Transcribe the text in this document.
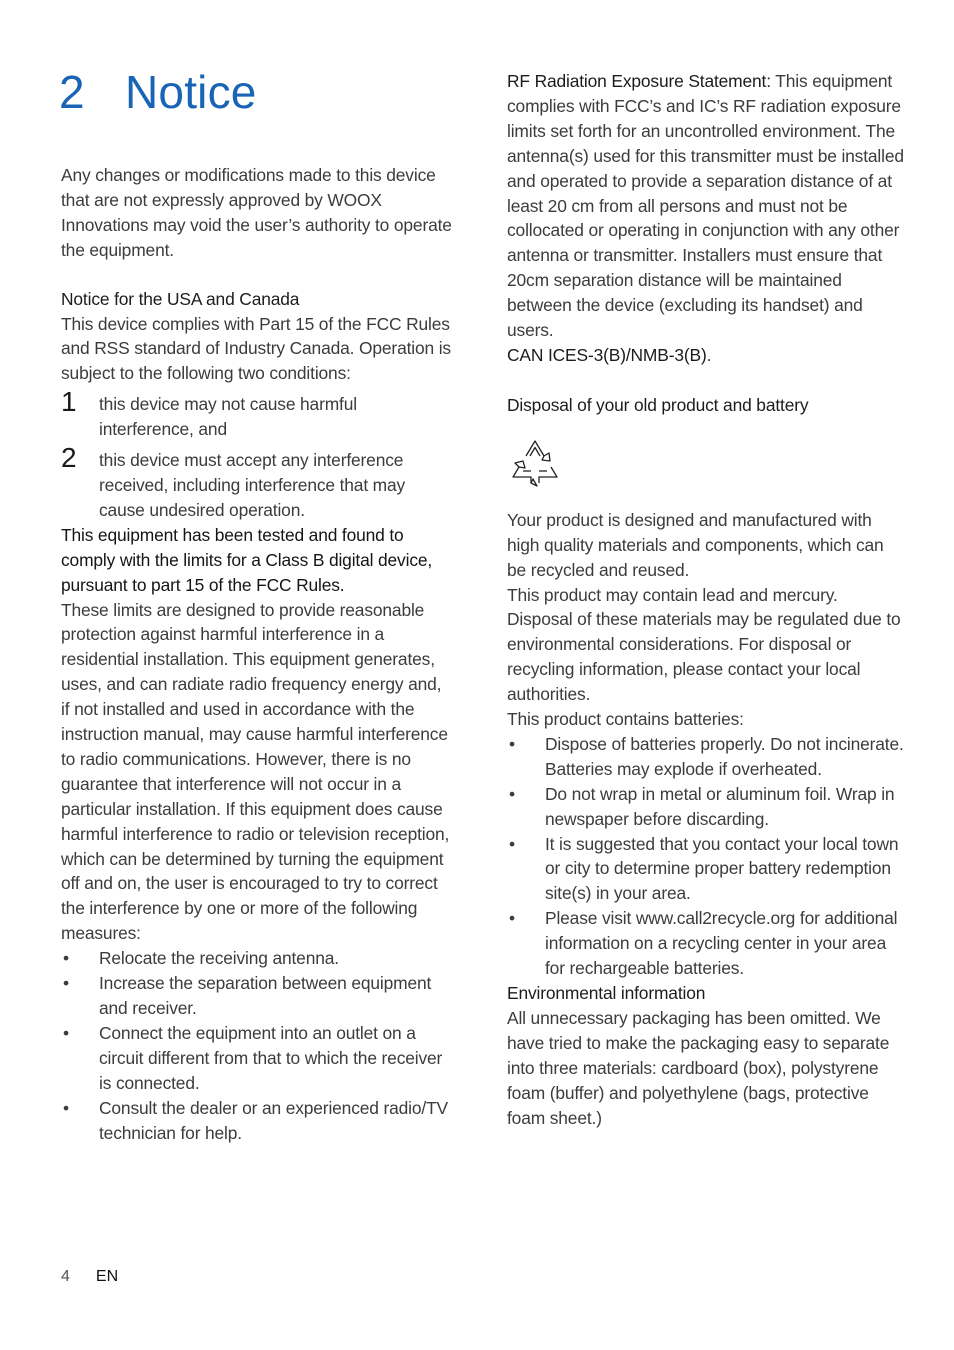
2 Notice

Any changes or modifications made to this device that are not expressly approved by WOOX Innovations may void the user’s authority to operate the equipment.

Notice for the USA and Canada

This device complies with Part 15 of the FCC Rules and RSS standard of Industry Canada. Operation is subject to the following two conditions:

1 this device may not cause harmful interference, and
2 this device must accept any interference received, including interference that may cause undesired operation.

This equipment has been tested and found to comply with the limits for a Class B digital device, pursuant to part 15 of the FCC Rules.

These limits are designed to provide reasonable protection against harmful interference in a residential installation. This equipment generates, uses, and can radiate radio frequency energy and, if not installed and used in accordance with the instruction manual, may cause harmful interference to radio communications. However, there is no guarantee that interference will not occur in a particular installation. If this equipment does cause harmful interference to radio or television reception, which can be determined by turning the equipment off and on, the user is encouraged to try to correct the interference by one or more of the following measures:

• Relocate the receiving antenna.
• Increase the separation between equipment and receiver.
• Connect the equipment into an outlet on a circuit different from that to which the receiver is connected.
• Consult the dealer or an experienced radio/TV technician for help.

RF Radiation Exposure Statement: This equipment complies with FCC’s and IC’s RF radiation exposure limits set forth for an uncontrolled environment. The antenna(s) used for this transmitter must be installed and operated to provide a separation distance of at least 20 cm from all persons and must not be collocated or operating in conjunction with any other antenna or transmitter. Installers must ensure that 20cm separation distance will be maintained between the device (excluding its handset) and users.

CAN ICES-3(B)/NMB-3(B).

Disposal of your old product and battery

Your product is designed and manufactured with high quality materials and components, which can be recycled and reused.

This product may contain lead and mercury. Disposal of these materials may be regulated due to environmental considerations. For disposal or recycling information, please contact your local authorities.

This product contains batteries:

• Dispose of batteries properly. Do not incinerate. Batteries may explode if overheated.
• Do not wrap in metal or aluminum foil. Wrap in newspaper before discarding.
• It is suggested that you contact your local town or city to determine proper battery redemption site(s) in your area.
• Please visit www.call2recycle.org for additional information on a recycling center in your area for rechargeable batteries.

Environmental information

All unnecessary packaging has been omitted. We have tried to make the packaging easy to separate into three materials: cardboard (box), polystyrene foam (buffer) and polyethylene (bags, protective foam sheet.)

4 EN
